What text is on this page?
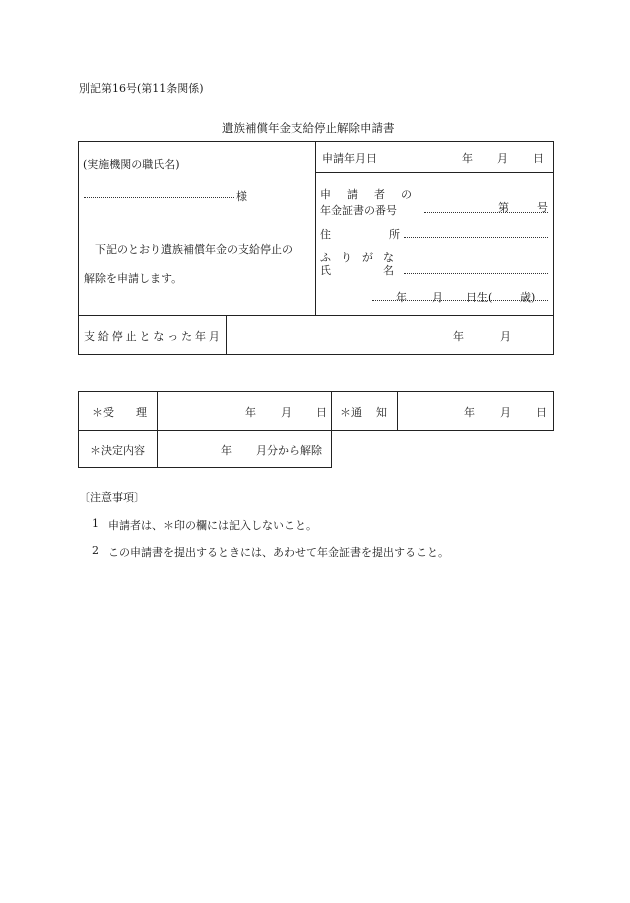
別記第16号(第11条関係)
遺族補償年金支給停止解除申請書
(実施機関の職氏名)
様
下記のとおり遺族補償年金の支給停止の
解除を申請します。
申請年月日	年 月 日
申 請 者 の
年金証書の番号	第	号
住	所
ふ り が な
氏	名
年 月 日生(	歳)
支 給 停 止 と な っ た 年 月	年	月
＊受 理	年 月 日 ＊通 知	年 月 日
＊決定内容	年 月分から解除
〔注意事項〕
1 申請者は、＊印の欄には記入しないこと。
2 この申請書を提出するときには、あわせて年金証書を提出すること。
